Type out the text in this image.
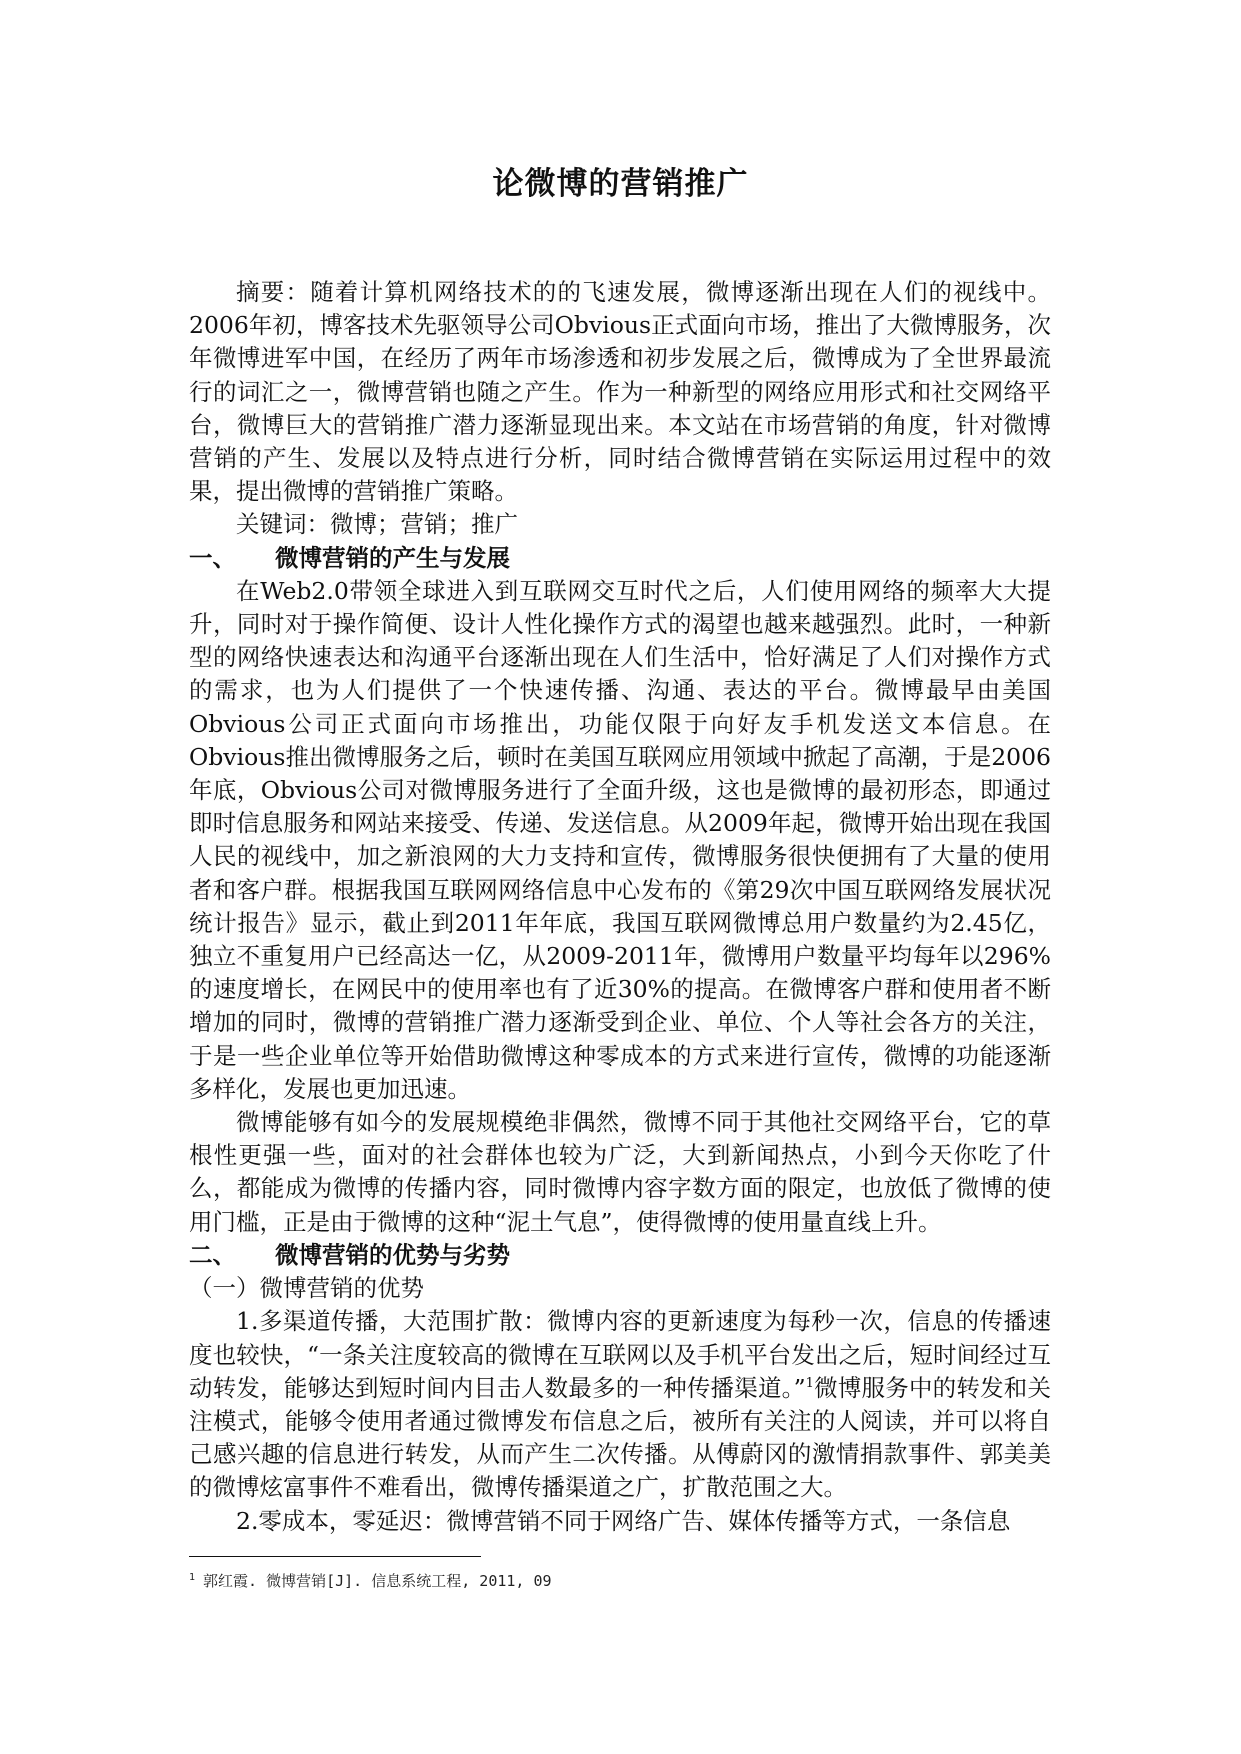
论微博的营销推广

摘要：随着计算机网络技术的的飞速发展，微博逐渐出现在人们的视线中。2006年初，博客技术先驱领导公司Obvious正式面向市场，推出了大微博服务，次年微博进军中国，在经历了两年市场渗透和初步发展之后，微博成为了全世界最流行的词汇之一，微博营销也随之产生。作为一种新型的网络应用形式和社交网络平台，微博巨大的营销推广潜力逐渐显现出来。本文站在市场营销的角度，针对微博营销的产生、发展以及特点进行分析，同时结合微博营销在实际运用过程中的效果，提出微博的营销推广策略。

关键词：微博；营销；推广

一、 微博营销的产生与发展

在Web2.0带领全球进入到互联网交互时代之后，人们使用网络的频率大大提升，同时对于操作简便、设计人性化操作方式的渴望也越来越强烈。此时，一种新型的网络快速表达和沟通平台逐渐出现在人们生活中，恰好满足了人们对操作方式的需求，也为人们提供了一个快速传播、沟通、表达的平台。微博最早由美国Obvious公司正式面向市场推出，功能仅限于向好友手机发送文本信息。在Obvious推出微博服务之后，顿时在美国互联网应用领域中掀起了高潮，于是2006年底，Obvious公司对微博服务进行了全面升级，这也是微博的最初形态，即通过即时信息服务和网站来接受、传递、发送信息。从2009年起，微博开始出现在我国人民的视线中，加之新浪网的大力支持和宣传，微博服务很快便拥有了大量的使用者和客户群。根据我国互联网网络信息中心发布的《第29次中国互联网络发展状况统计报告》显示，截止到2011年年底，我国互联网微博总用户数量约为2.45亿，独立不重复用户已经高达一亿，从2009-2011年，微博用户数量平均每年以296%的速度增长，在网民中的使用率也有了近30%的提高。在微博客户群和使用者不断增加的同时，微博的营销推广潜力逐渐受到企业、单位、个人等社会各方的关注，于是一些企业单位等开始借助微博这种零成本的方式来进行宣传，微博的功能逐渐多样化，发展也更加迅速。

微博能够有如今的发展规模绝非偶然，微博不同于其他社交网络平台，它的草根性更强一些，面对的社会群体也较为广泛，大到新闻热点，小到今天你吃了什么，都能成为微博的传播内容，同时微博内容字数方面的限定，也放低了微博的使用门槛，正是由于微博的这种“泥土气息”，使得微博的使用量直线上升。

二、 微博营销的优势与劣势
（一）微博营销的优势

1.多渠道传播，大范围扩散：微博内容的更新速度为每秒一次，信息的传播速度也较快，“一条关注度较高的微博在互联网以及手机平台发出之后，短时间经过互动转发，能够达到短时间内目击人数最多的一种传播渠道。”$^1$微博服务中的转发和关注模式，能够令使用者通过微博发布信息之后，被所有关注的人阅读，并可以将自己感兴趣的信息进行转发，从而产生二次传播。从傅蔚冈的激情捐款事件、郭美美的微博炫富事件不难看出，微博传播渠道之广，扩散范围之大。

2.零成本，零延迟：微博营销不同于网络广告、媒体传播等方式，一条信息

$^1$ 郭红霞. 微博营销[J]. 信息系统工程, 2011, 09
